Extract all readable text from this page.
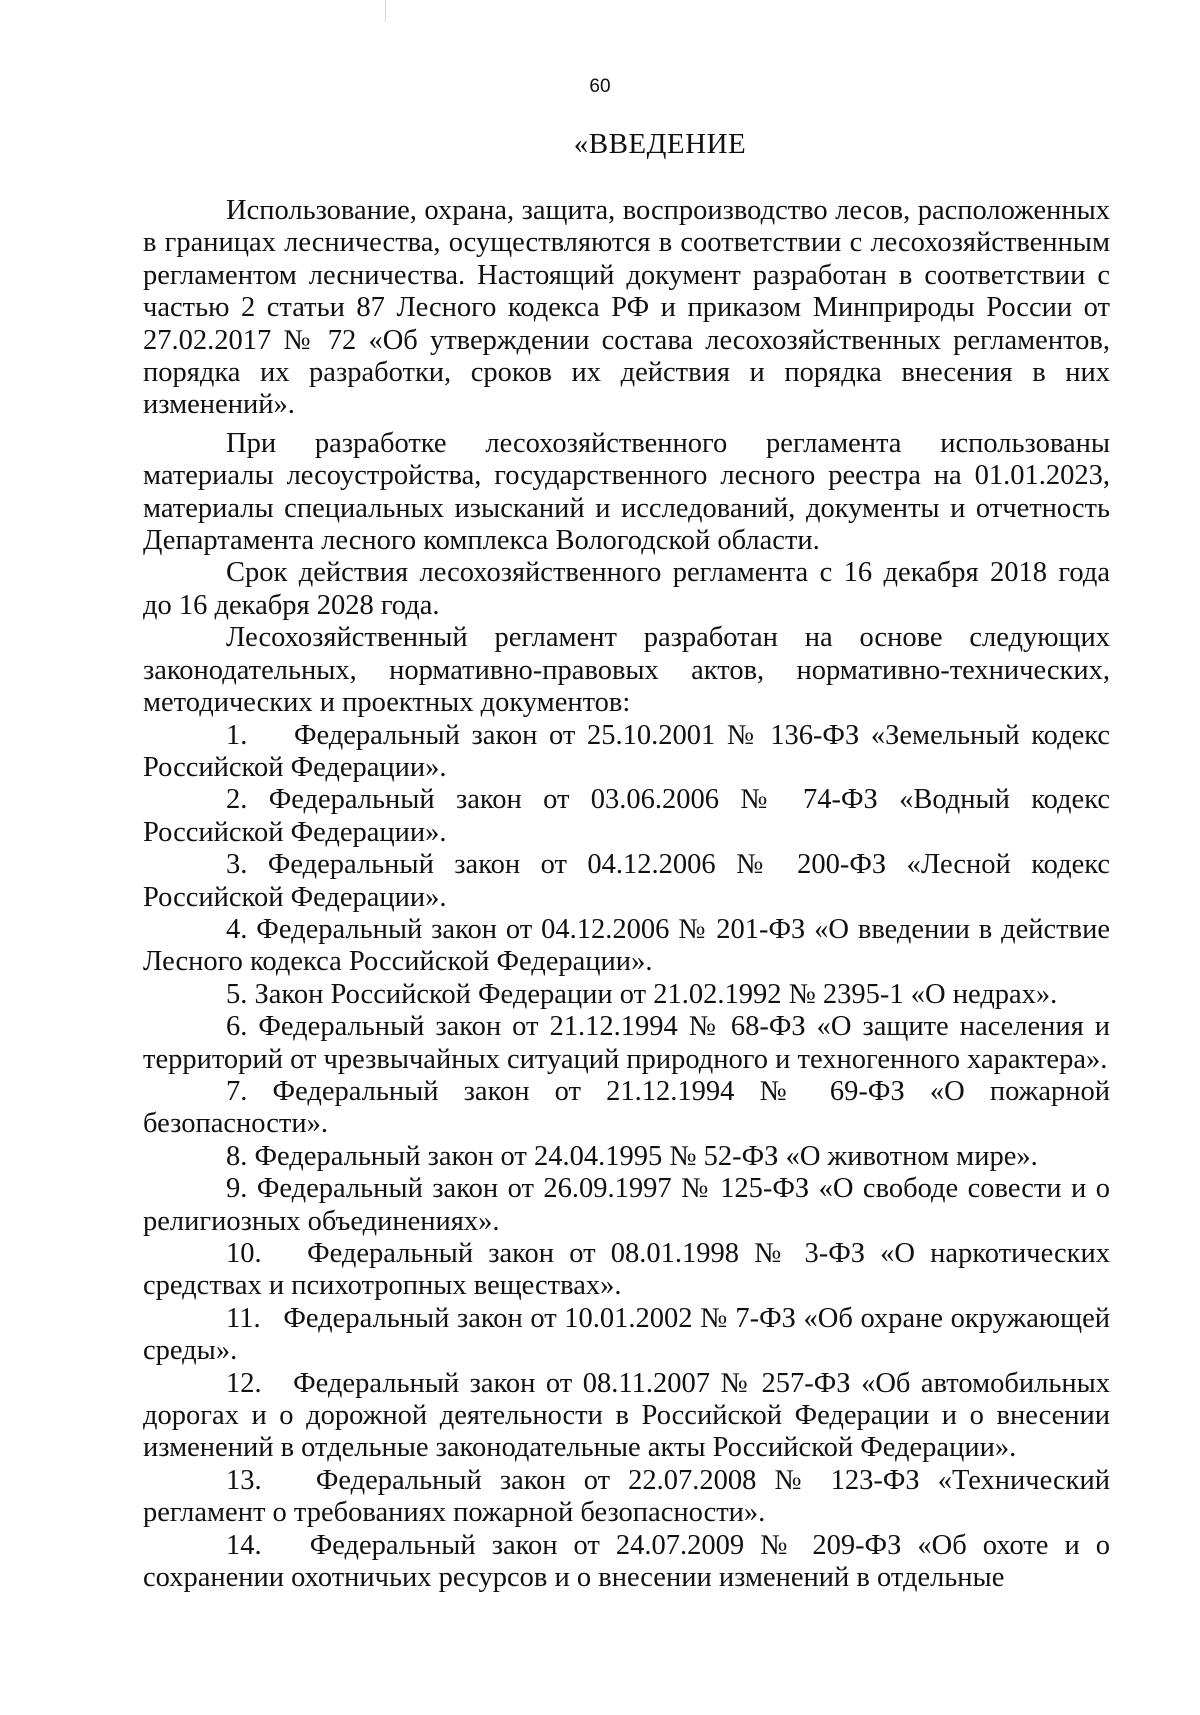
60
«ВВЕДЕНИЕ

Использование, охрана, защита, воспроизводство лесов, расположенных в границах лесничества, осуществляются в соответствии с лесохозяйственным регламентом лесничества. Настоящий документ разработан в соответствии с частью 2 статьи 87 Лесного кодекса РФ и приказом Минприроды России от 27.02.2017 № 72 «Об утверждении состава лесохозяйственных регламентов, порядка их разработки, сроков их действия и порядка внесения в них изменений».

При разработке лесохозяйственного регламента использованы материалы лесоустройства, государственного лесного реестра на 01.01.2023, материалы специальных изысканий и исследований, документы и отчетность Департамента лесного комплекса Вологодской области.

Срок действия лесохозяйственного регламента с 16 декабря 2018 года до 16 декабря 2028 года.

Лесохозяйственный регламент разработан на основе следующих законодательных, нормативно-правовых актов, нормативно-технических, методических и проектных документов:

1. Федеральный закон от 25.10.2001 № 136-ФЗ «Земельный кодекс Российской Федерации».

2. Федеральный закон от 03.06.2006 № 74-ФЗ «Водный кодекс Российской Федерации».

3. Федеральный закон от 04.12.2006 № 200-ФЗ «Лесной кодекс Российской Федерации».

4. Федеральный закон от 04.12.2006 № 201-ФЗ «О введении в действие Лесного кодекса Российской Федерации».

5. Закон Российской Федерации от 21.02.1992 № 2395-1 «О недрах».

6. Федеральный закон от 21.12.1994 № 68-ФЗ «О защите населения и территорий от чрезвычайных ситуаций природного и техногенного характера».

7. Федеральный закон от 21.12.1994 № 69-ФЗ «О пожарной безопасности».

8. Федеральный закон от 24.04.1995 № 52-ФЗ «О животном мире».

9. Федеральный закон от 26.09.1997 № 125-ФЗ «О свободе совести и о религиозных объединениях».

10. Федеральный закон от 08.01.1998 № 3-ФЗ «О наркотических средствах и психотропных веществах».

11. Федеральный закон от 10.01.2002 № 7-ФЗ «Об охране окружающей среды».

12. Федеральный закон от 08.11.2007 № 257-ФЗ «Об автомобильных дорогах и о дорожной деятельности в Российской Федерации и о внесении изменений в отдельные законодательные акты Российской Федерации».

13. Федеральный закон от 22.07.2008 № 123-ФЗ «Технический регламент о требованиях пожарной безопасности».

14. Федеральный закон от 24.07.2009 № 209-ФЗ «Об охоте и о сохранении охотничьих ресурсов и о внесении изменений в отдельные
